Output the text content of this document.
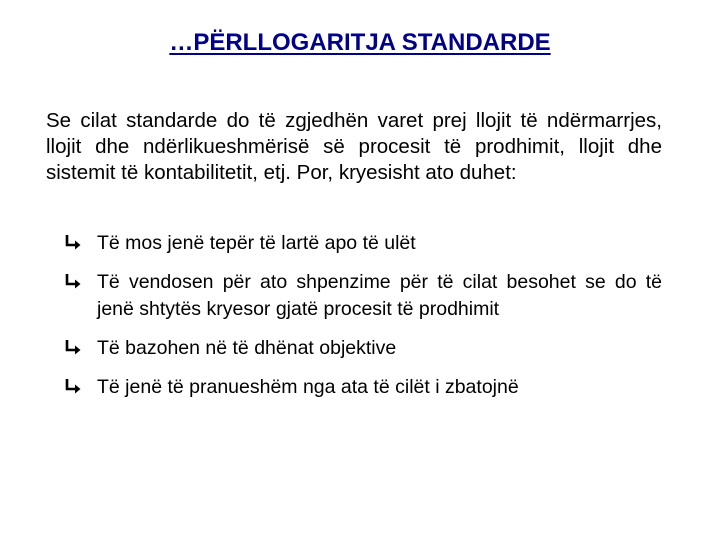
…PËRLLOGARITJA STANDARDE

Se cilat standarde do të zgjedhën varet prej llojit të ndërmarrjes, llojit dhe ndërlikueshmërisë së procesit të prodhimit, llojit dhe sistemit të kontabilitetit, etj. Por, kryesisht ato duhet:

Të mos jenë tepër të lartë apo të ulët
Të vendosen për ato shpenzime për të cilat besohet se do të jenë shtytës kryesor gjatë procesit të prodhimit
Të bazohen në të dhënat objektive
Të jenë të pranueshëm nga ata të cilët i zbatojnë
